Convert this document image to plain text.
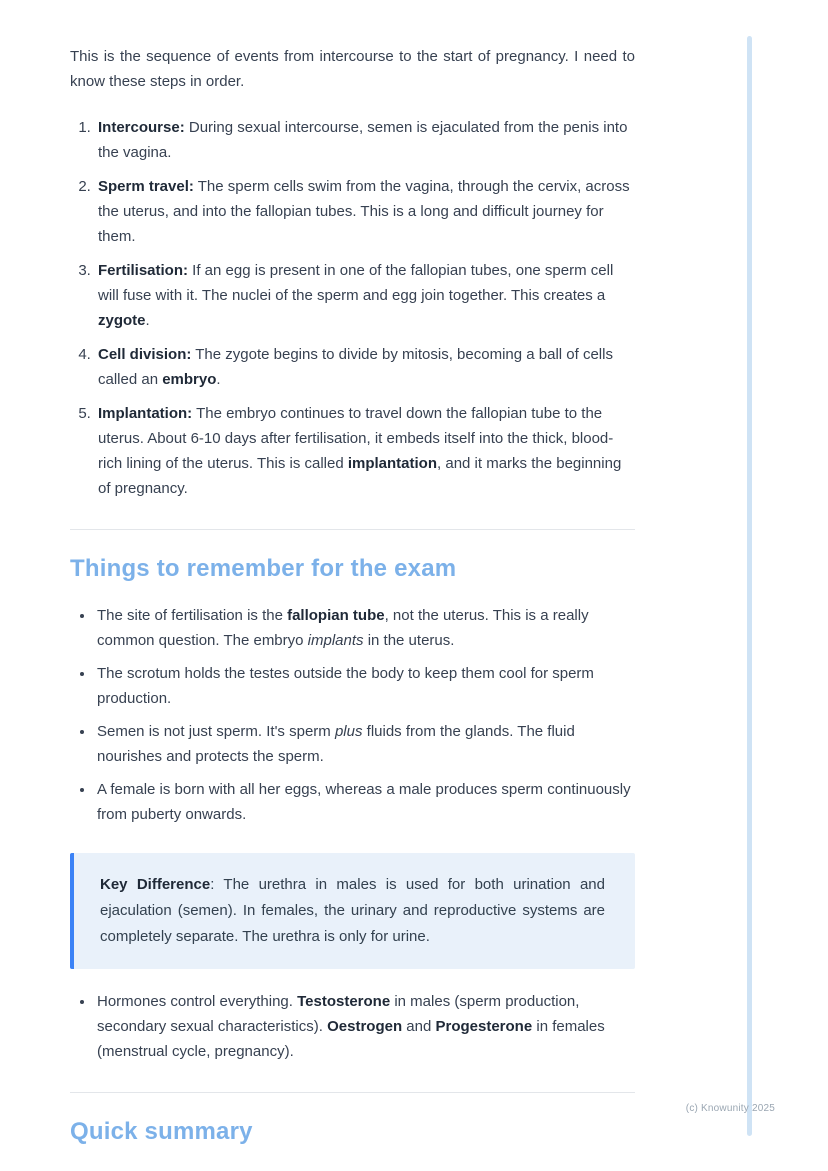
This is the sequence of events from intercourse to the start of pregnancy. I need to know these steps in order.

1. Intercourse: During sexual intercourse, semen is ejaculated from the penis into the vagina.
2. Sperm travel: The sperm cells swim from the vagina, through the cervix, across the uterus, and into the fallopian tubes. This is a long and difficult journey for them.
3. Fertilisation: If an egg is present in one of the fallopian tubes, one sperm cell will fuse with it. The nuclei of the sperm and egg join together. This creates a zygote.
4. Cell division: The zygote begins to divide by mitosis, becoming a ball of cells called an embryo.
5. Implantation: The embryo continues to travel down the fallopian tube to the uterus. About 6-10 days after fertilisation, it embeds itself into the thick, blood-rich lining of the uterus. This is called implantation, and it marks the beginning of pregnancy.
Things to remember for the exam
• The site of fertilisation is the fallopian tube, not the uterus. This is a really common question. The embryo implants in the uterus.
• The scrotum holds the testes outside the body to keep them cool for sperm production.
• Semen is not just sperm. It's sperm plus fluids from the glands. The fluid nourishes and protects the sperm.
• A female is born with all her eggs, whereas a male produces sperm continuously from puberty onwards.

Key Difference: The urethra in males is used for both urination and ejaculation (semen). In females, the urinary and reproductive systems are completely separate. The urethra is only for urine.

• Hormones control everything. Testosterone in males (sperm production, secondary sexual characteristics). Oestrogen and Progesterone in females (menstrual cycle, pregnancy).
Quick summary
(c) Knowunity 2025
